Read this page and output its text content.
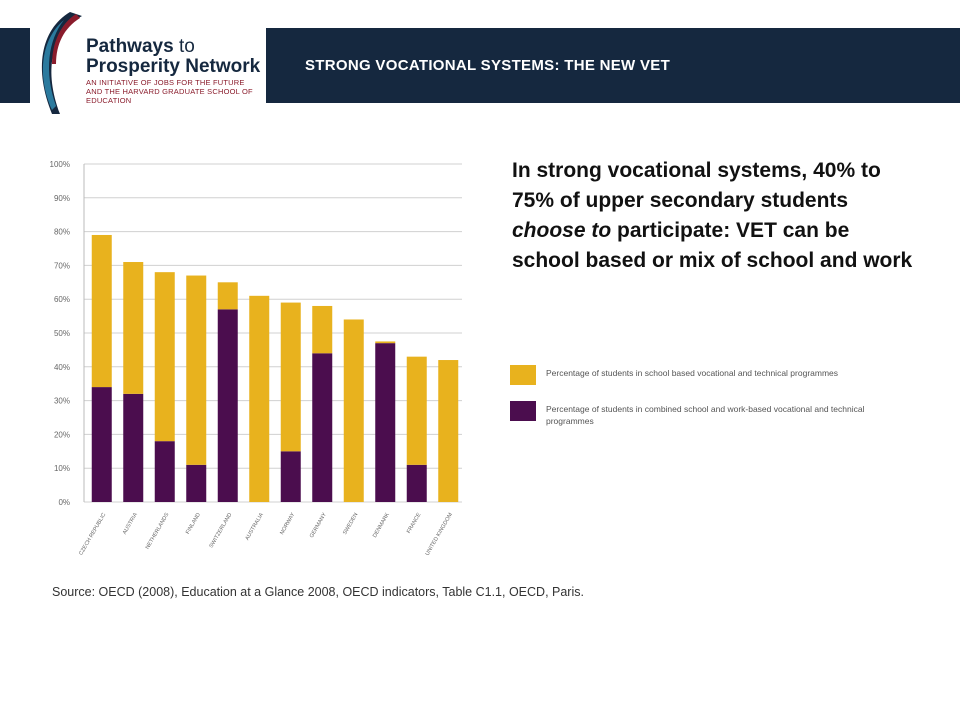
Pathways to
Prosperity Network
AN INITIATIVE OF JOBS FOR THE FUTURE AND THE HARVARD GRADUATE SCHOOL OF EDUCATION
STRONG VOCATIONAL SYSTEMS: THE NEW VET
0%
10%
20%
30%
40%
50%
60%
70%
80%
90%
100%
CZECH REPUBLIC	AUSTRIA NETHERLANDS	FINLAND SWITZERLAND AUSTRALIA	NORWAY GERMANY	SWEDEN DENMARK	FRANCE UNITED KINGDOM
In strong vocational systems, 40% to 75% of upper secondary students choose to participate: VET can be school based or mix of school and work
Percentage of students in school based vocational and technical programmes
Percentage of students in combined school and work-based vocational and technical programmes
Source: OECD (2008), Education at a Glance 2008, OECD indicators, Table C1.1, OECD, Paris.
